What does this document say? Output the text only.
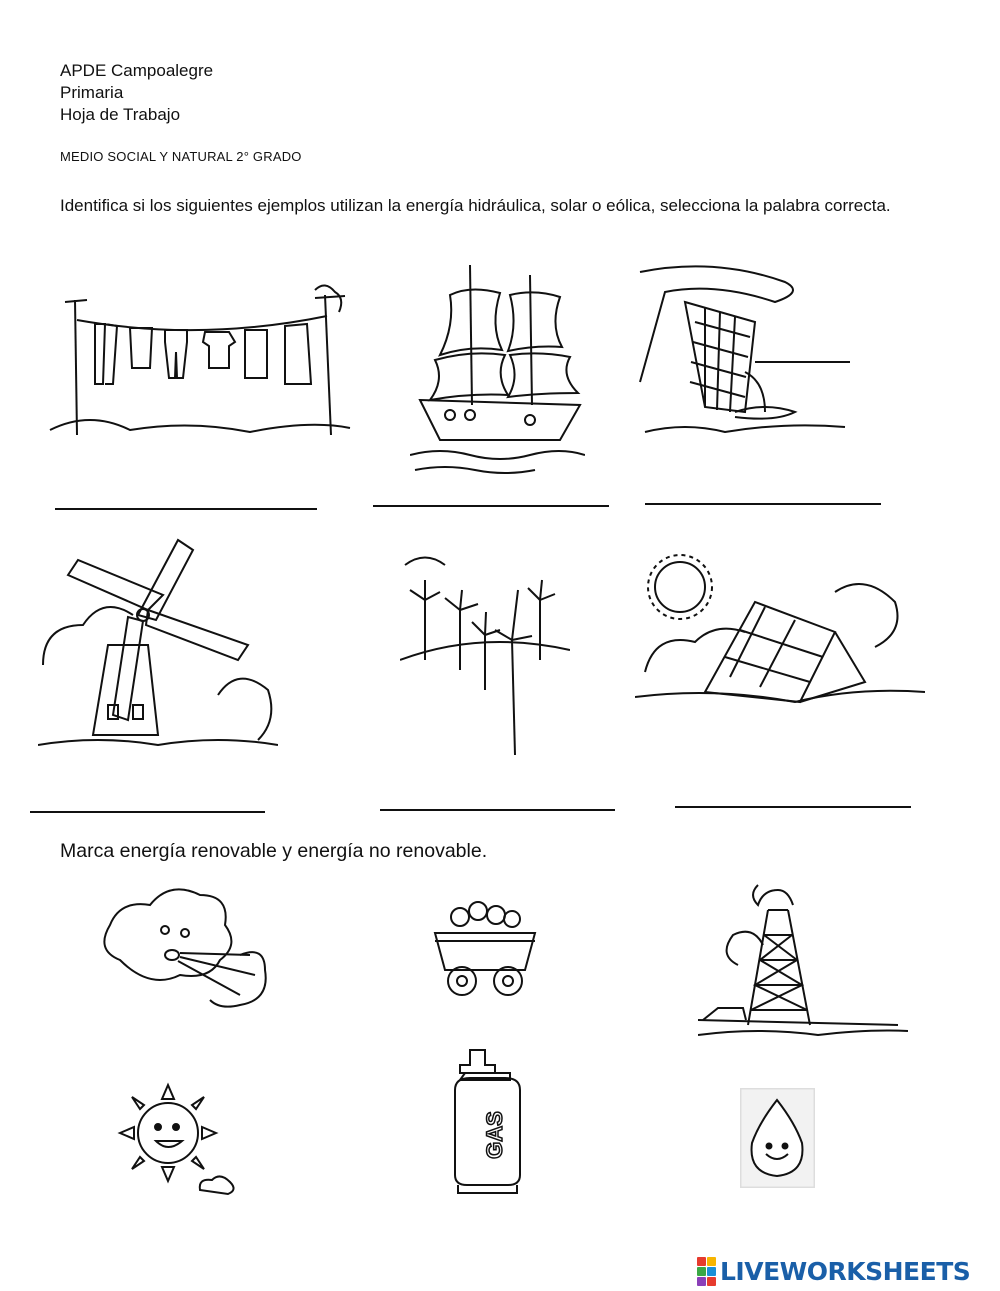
APDE Campoalegre
Primaria
Hoja de Trabajo
MEDIO SOCIAL Y NATURAL 2° GRADO
Identifica si los siguientes ejemplos utilizan la energía hidráulica, solar o eólica, selecciona la palabra correcta.
Marca energía renovable y energía no renovable.
GAS
LIVEWORKSHEETS
